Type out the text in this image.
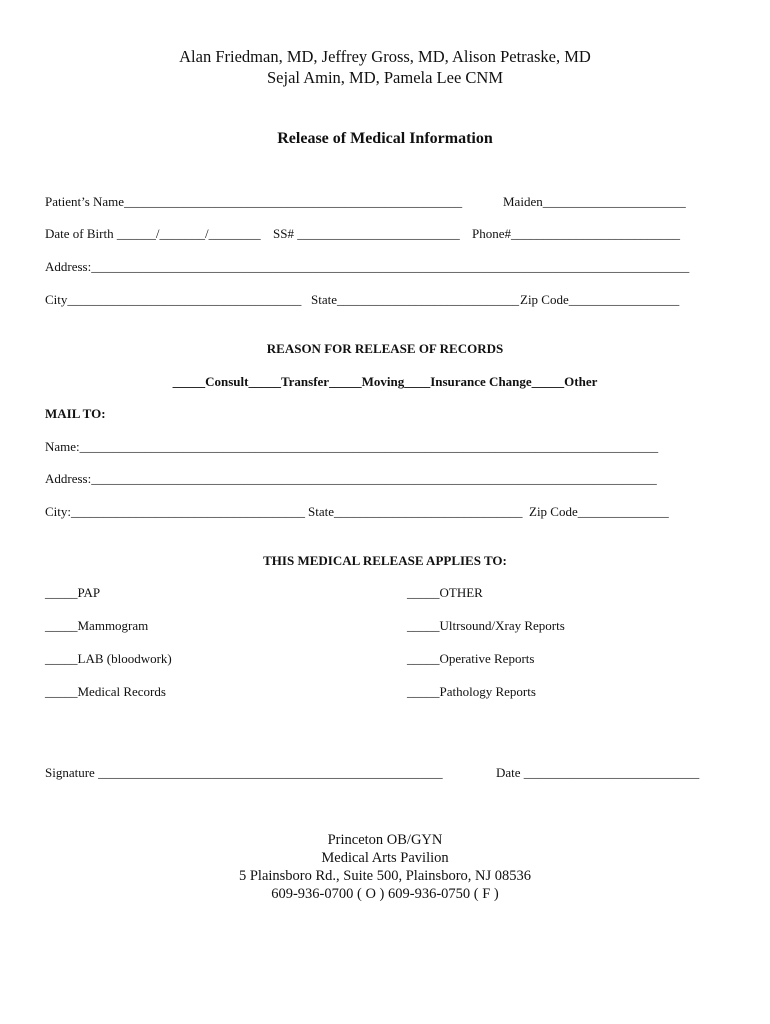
Alan Friedman, MD, Jeffrey Gross, MD, Alison Petraske, MD
Sejal Amin, MD, Pamela Lee CNM
Release of Medical Information
Patient’s Name____________________________________________________	Maiden______________________
Date of Birth ______/_______/________ SS# _________________________ Phone#__________________________
Address:____________________________________________________________________________________________
City____________________________________ State____________________________ Zip Code_________________
REASON FOR RELEASE OF RECORDS
_____Consult_____Transfer_____Moving____Insurance Change_____Other
MAIL TO:
Name:_________________________________________________________________________________________
Address:_______________________________________________________________________________________
City:____________________________________ State_____________________________ Zip Code______________
THIS MEDICAL RELEASE APPLIES TO:
_____PAP
_____Mammogram
_____LAB (bloodwork)
_____Medical Records
_____OTHER
_____Ultrsound/Xray Reports
_____Operative Reports
_____Pathology Reports
Signature _____________________________________________________	Date ___________________________
Princeton OB/GYN
Medical Arts Pavilion
5 Plainsboro Rd., Suite 500, Plainsboro, NJ 08536
609-936-0700 ( O ) 609-936-0750 ( F )
